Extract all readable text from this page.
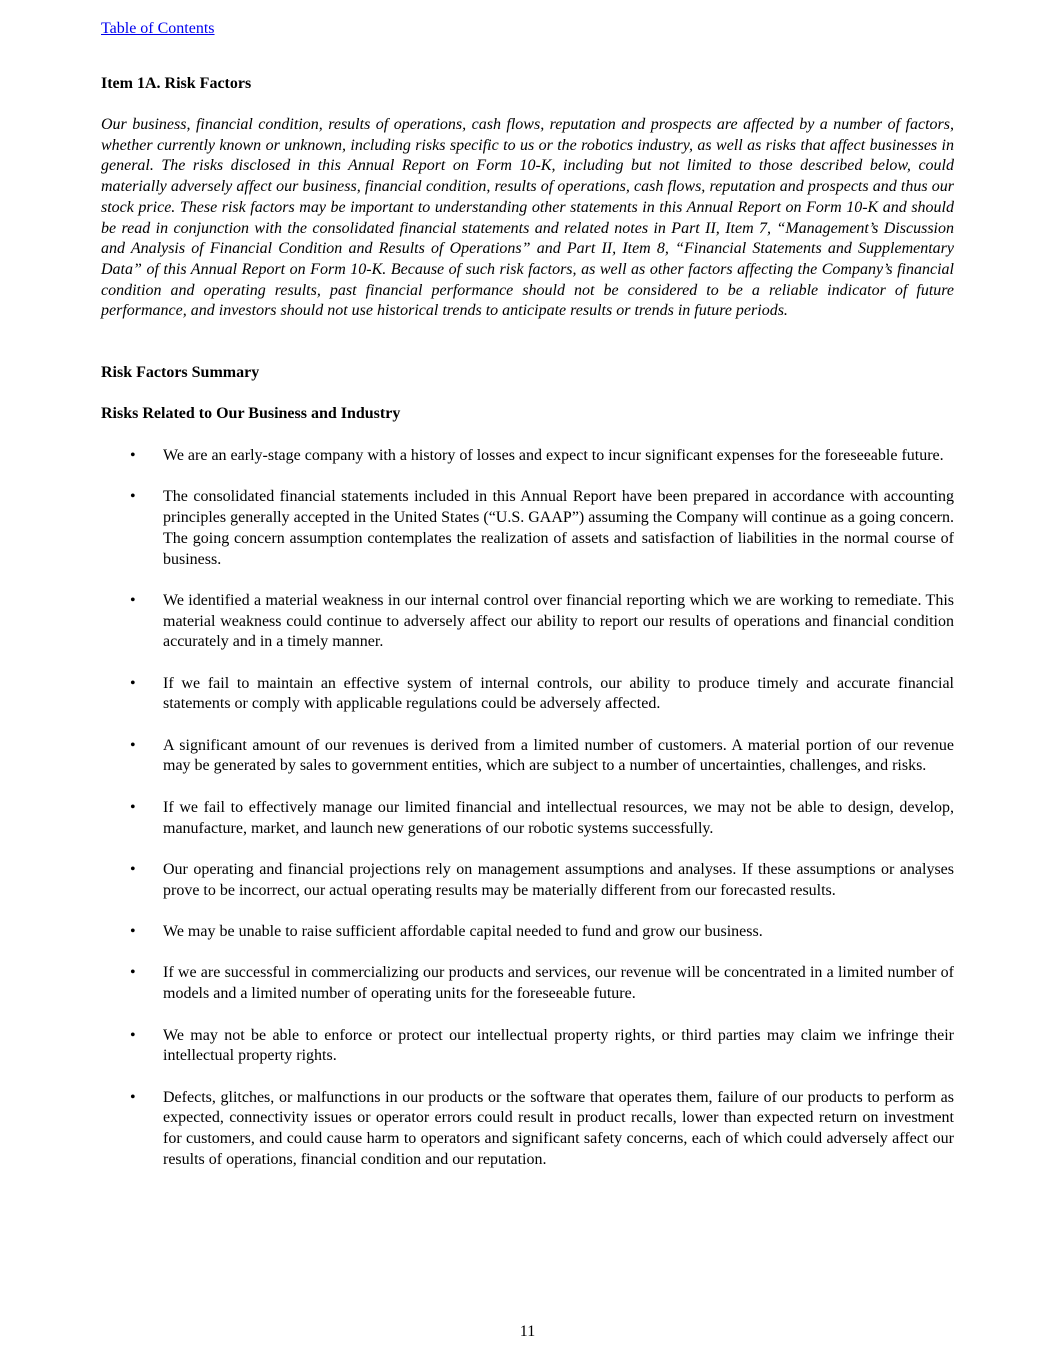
Table of Contents
Item 1A. Risk Factors

Our business, financial condition, results of operations, cash flows, reputation and prospects are affected by a number of factors, whether currently known or unknown, including risks specific to us or the robotics industry, as well as risks that affect businesses in general. The risks disclosed in this Annual Report on Form 10-K, including but not limited to those described below, could materially adversely affect our business, financial condition, results of operations, cash flows, reputation and prospects and thus our stock price. These risk factors may be important to understanding other statements in this Annual Report on Form 10-K and should be read in conjunction with the consolidated financial statements and related notes in Part II, Item 7, “Management’s Discussion and Analysis of Financial Condition and Results of Operations” and Part II, Item 8, “Financial Statements and Supplementary Data” of this Annual Report on Form 10-K. Because of such risk factors, as well as other factors affecting the Company’s financial condition and operating results, past financial performance should not be considered to be a reliable indicator of future performance, and investors should not use historical trends to anticipate results or trends in future periods.

Risk Factors Summary
Risks Related to Our Business and Industry
• We are an early-stage company with a history of losses and expect to incur significant expenses for the foreseeable future.
• The consolidated financial statements included in this Annual Report have been prepared in accordance with accounting principles generally accepted in the United States (“U.S. GAAP”) assuming the Company will continue as a going concern. The going concern assumption contemplates the realization of assets and satisfaction of liabilities in the normal course of business.
• We identified a material weakness in our internal control over financial reporting which we are working to remediate. This material weakness could continue to adversely affect our ability to report our results of operations and financial condition accurately and in a timely manner.
• If we fail to maintain an effective system of internal controls, our ability to produce timely and accurate financial statements or comply with applicable regulations could be adversely affected.
• A significant amount of our revenues is derived from a limited number of customers. A material portion of our revenue may be generated by sales to government entities, which are subject to a number of uncertainties, challenges, and risks.
• If we fail to effectively manage our limited financial and intellectual resources, we may not be able to design, develop, manufacture, market, and launch new generations of our robotic systems successfully.
• Our operating and financial projections rely on management assumptions and analyses. If these assumptions or analyses prove to be incorrect, our actual operating results may be materially different from our forecasted results.
• We may be unable to raise sufficient affordable capital needed to fund and grow our business.
• If we are successful in commercializing our products and services, our revenue will be concentrated in a limited number of models and a limited number of operating units for the foreseeable future.
• We may not be able to enforce or protect our intellectual property rights, or third parties may claim we infringe their intellectual property rights.
• Defects, glitches, or malfunctions in our products or the software that operates them, failure of our products to perform as expected, connectivity issues or operator errors could result in product recalls, lower than expected return on investment for customers, and could cause harm to operators and significant safety concerns, each of which could adversely affect our results of operations, financial condition and our reputation.
11
